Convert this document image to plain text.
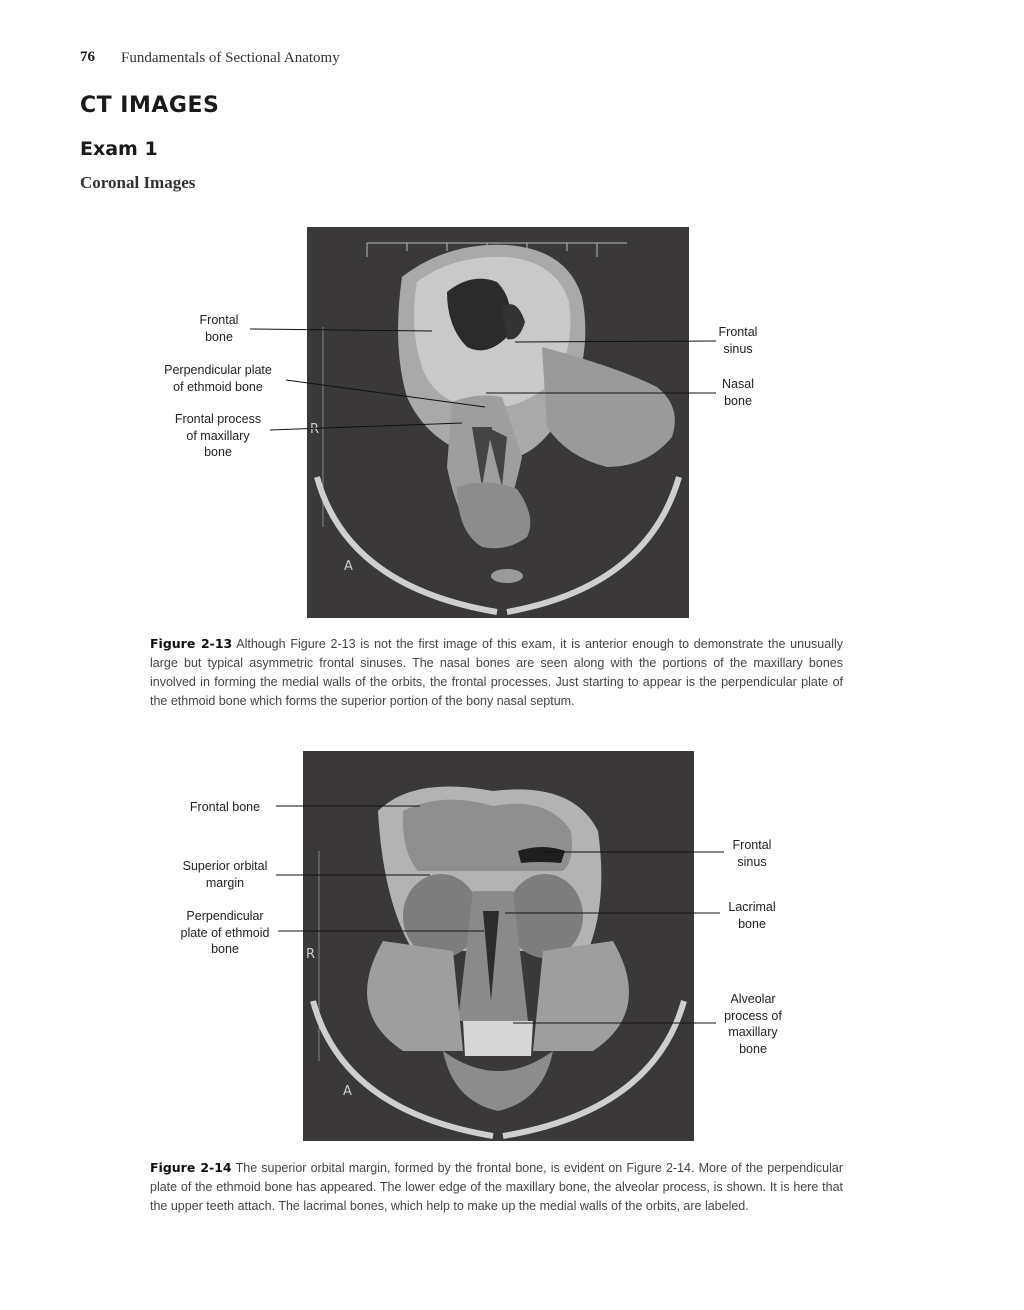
76 Fundamentals of Sectional Anatomy
CT IMAGES
Exam 1
Coronal Images
R
A
Frontal
bone
Perpendicular plate
of ethmoid bone
Frontal process
of maxillary
bone
Frontal
sinus
Nasal
bone
Figure 2-13 Although Figure 2-13 is not the first image of this exam, it is anterior enough to demonstrate the unusually large but typical asymmetric frontal sinuses. The nasal bones are seen along with the portions of the maxillary bones involved in forming the medial walls of the orbits, the frontal processes. Just starting to appear is the perpendicular plate of the ethmoid bone which forms the superior portion of the bony nasal septum.
R
A
Frontal bone
Superior orbital
margin
Perpendicular
plate of ethmoid
bone
Frontal
sinus
Lacrimal
bone
Alveolar
process of
maxillary
bone
Figure 2-14 The superior orbital margin, formed by the frontal bone, is evident on Figure 2-14. More of the perpendicular plate of the ethmoid bone has appeared. The lower edge of the maxillary bone, the alveolar process, is shown. It is here that the upper teeth attach. The lacrimal bones, which help to make up the medial walls of the orbits, are labeled.
